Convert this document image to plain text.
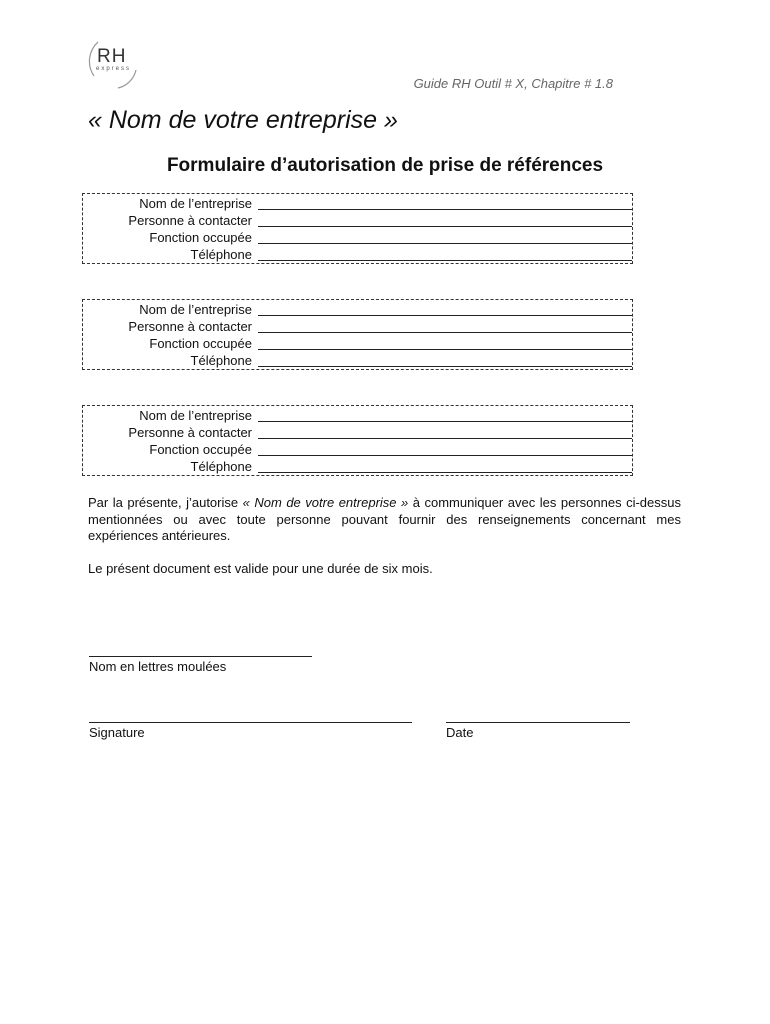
RH
express
Guide RH Outil # X, Chapitre # 1.8
« Nom de votre entreprise »
Formulaire d’autorisation de prise de références
Nom de l’entreprise
Personne à contacter
Fonction occupée
Téléphone
Nom de l’entreprise
Personne à contacter
Fonction occupée
Téléphone
Nom de l’entreprise
Personne à contacter
Fonction occupée
Téléphone
Par la présente, j’autorise « Nom de votre entreprise » à communiquer avec les personnes ci-dessus mentionnées ou avec toute personne pouvant fournir des renseignements concernant mes expériences antérieures.
Le présent document est valide pour une durée de six mois.
Nom en lettres moulées
Signature	Date
